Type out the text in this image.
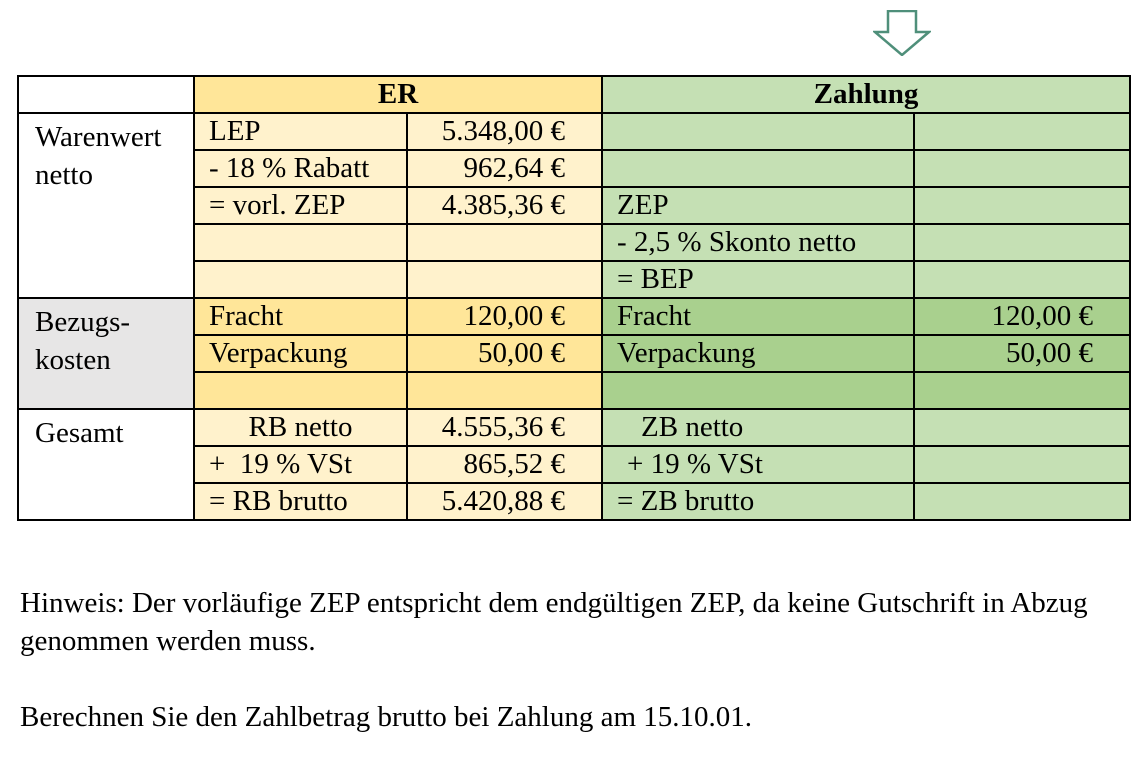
	ER		Zahlung	
Warenwert netto	LEP	5.348,00 €		
	- 18 % Rabatt	962,64 €		
	= vorl. ZEP	4.385,36 €	ZEP	
			- 2,5 % Skonto netto	
			= BEP	
Bezugs-
kosten	Fracht	120,00 €	Fracht	120,00 €
	Verpackung	50,00 €	Verpackung	50,00 €

Gesamt	RB netto	4.555,36 €	ZB netto	
	+  19 % VSt	865,52 €	+ 19 % VSt	
	= RB brutto	5.420,88 €	= ZB brutto	
Hinweis: Der vorläufige ZEP entspricht dem endgültigen ZEP, da keine Gutschrift in Abzug genommen werden muss.
Berechnen Sie den Zahlbetrag brutto bei Zahlung am 15.10.01.
